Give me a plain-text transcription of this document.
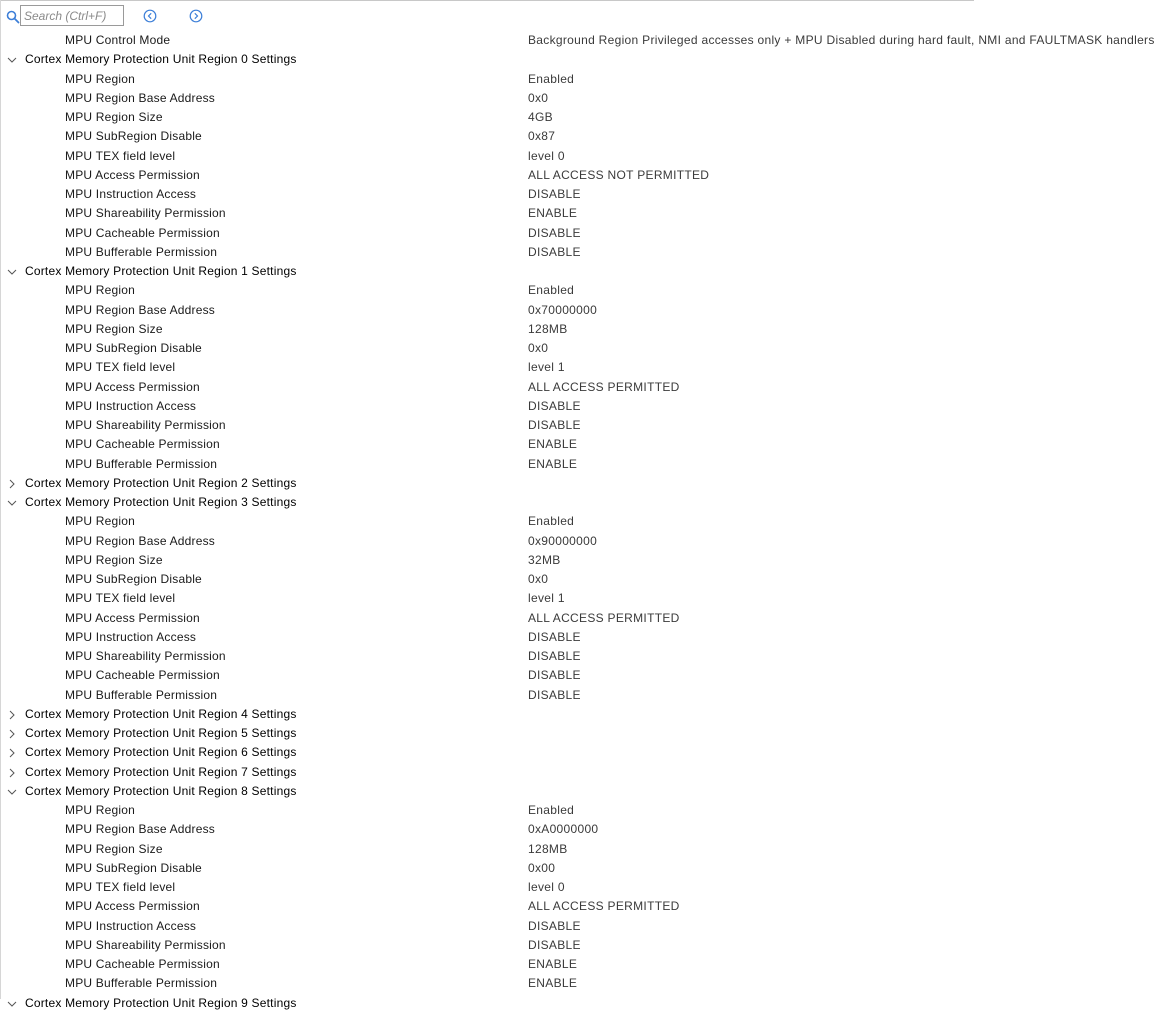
Search (Ctrl+F)
MPU Control Mode	Background Region Privileged accesses only + MPU Disabled during hard fault, NMI and FAULTMASK handlers
Cortex Memory Protection Unit Region 0 Settings
MPU Region	Enabled
MPU Region Base Address	0x0
MPU Region Size	4GB
MPU SubRegion Disable	0x87
MPU TEX field level	level 0
MPU Access Permission	ALL ACCESS NOT PERMITTED
MPU Instruction Access	DISABLE
MPU Shareability Permission	ENABLE
MPU Cacheable Permission	DISABLE
MPU Bufferable Permission	DISABLE
Cortex Memory Protection Unit Region 1 Settings
MPU Region	Enabled
MPU Region Base Address	0x70000000
MPU Region Size	128MB
MPU SubRegion Disable	0x0
MPU TEX field level	level 1
MPU Access Permission	ALL ACCESS PERMITTED
MPU Instruction Access	DISABLE
MPU Shareability Permission	DISABLE
MPU Cacheable Permission	ENABLE
MPU Bufferable Permission	ENABLE
Cortex Memory Protection Unit Region 2 Settings
Cortex Memory Protection Unit Region 3 Settings
MPU Region	Enabled
MPU Region Base Address	0x90000000
MPU Region Size	32MB
MPU SubRegion Disable	0x0
MPU TEX field level	level 1
MPU Access Permission	ALL ACCESS PERMITTED
MPU Instruction Access	DISABLE
MPU Shareability Permission	DISABLE
MPU Cacheable Permission	DISABLE
MPU Bufferable Permission	DISABLE
Cortex Memory Protection Unit Region 4 Settings
Cortex Memory Protection Unit Region 5 Settings
Cortex Memory Protection Unit Region 6 Settings
Cortex Memory Protection Unit Region 7 Settings
Cortex Memory Protection Unit Region 8 Settings
MPU Region	Enabled
MPU Region Base Address	0xA0000000
MPU Region Size	128MB
MPU SubRegion Disable	0x00
MPU TEX field level	level 0
MPU Access Permission	ALL ACCESS PERMITTED
MPU Instruction Access	DISABLE
MPU Shareability Permission	DISABLE
MPU Cacheable Permission	ENABLE
MPU Bufferable Permission	ENABLE
Cortex Memory Protection Unit Region 9 Settings
